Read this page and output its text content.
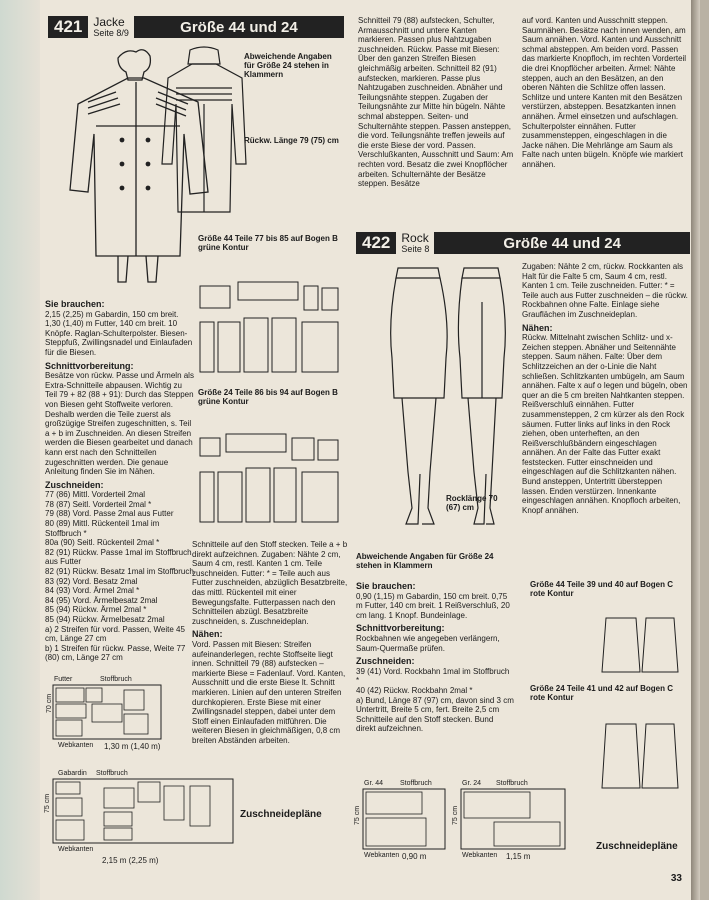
421 Jacke
Seite 8/9	Größe 44 und 24
Abweichende Angaben für Größe 24 stehen in Klammern
Rückw. Länge 79 (75) cm
Sie brauchen:

2,15 (2,25) m Gabardin, 150 cm breit. 1,30 (1,40) m Futter, 140 cm breit. 10 Knöpfe. Raglan-Schulterpolster. Biesen-Steppfuß, Zwillingsnadel und Einlaufaden für die Biesen.

Schnittvorbereitung:

Besätze von rückw. Passe und Ärmeln als Extra-Schnitteile abpausen. Wichtig zu Teil 79 + 82 (88 + 91): Durch das Steppen von Biesen geht Stoffweite verloren. Deshalb werden die Teile zuerst als großzügige Streifen zugeschnitten, s. Teil a + b im Zuschneiden. An diesen Streifen werden die Biesen gearbeitet und danach kann erst nach den Schnitteilen zugeschnitten werden. Die genaue Anleitung finden Sie im Nähen.

Zuschneiden:
77 (86) Mittl. Vorderteil 2mal
78 (87) Seitl. Vorderteil 2mal *
79 (88) Vord. Passe 2mal aus Futter
80 (89) Mittl. Rückenteil 1mal im Stoffbruch *
80a (90) Seitl. Rückenteil 2mal *
82 (91) Rückw. Passe 1mal im Stoffbruch aus Futter
82 (91) Rückw. Besatz 1mal im Stoffbruch
83 (92) Vord. Besatz 2mal
84 (93) Vord. Ärmel 2mal *
84 (95) Vord. Ärmelbesatz 2mal
85 (94) Rückw. Ärmel 2mal *
85 (94) Rückw. Ärmelbesatz 2mal
a) 2 Streifen für vord. Passen, Weite 45 cm, Länge 27 cm
b) 1 Streifen für rückw. Passe, Weite 77 (80) cm, Länge 27 cm
Größe 44 Teile 77 bis 85 auf Bogen B grüne Kontur
Größe 24 Teile 86 bis 94 auf Bogen B grüne Kontur
Futter	Stoffbruch
70 cm
Webkanten 1,30 m (1,40 m)
Gabardin Stoffbruch
75 cm
Webkanten
2,15 m (2,25 m)
Zuschneidepläne

Schnitteile auf den Stoff stecken. Teile a + b direkt aufzeichnen. Zugaben: Nähte 2 cm, Saum 4 cm, restl. Kanten 1 cm. Teile zuschneiden. Futter: * = Teile auch aus Futter zuschneiden, abzüglich Besatzbreite, das mittl. Rückenteil mit einer Bewegungsfalte. Futterpassen nach den Schnitteilen abzügl. Besatzbreite zuschneiden, s. Zuschneideplan.

Nähen:

Vord. Passen mit Biesen: Streifen aufeinanderlegen, rechte Stoffseite liegt innen. Schnitteil 79 (88) aufstecken – markierte Biese = Fadenlauf. Vord. Kanten, Ausschnitt und die erste Biese lt. Schnitt markieren. Linien auf den unteren Streifen durchkopieren. Erste Biese mit einer Zwillingsnadel steppen, dabei unter dem Stoff einen Einlaufaden mitführen. Die weiteren Biesen in gleichmäßigen, 0,8 cm breiten Abständen arbeiten.

Schnitteil 79 (88) aufstecken, Schulter, Armausschnitt und untere Kanten markieren. Passen plus Nahtzugaben zuschneiden. Rückw. Passe mit Biesen: Über den ganzen Streifen Biesen gleichmäßig arbeiten. Schnitteil 82 (91) aufstecken, markieren. Passe plus Nahtzugaben zuschneiden. Abnäher und Teilungsnähte steppen. Zugaben der Teilungsnähte zur Mitte hin bügeln. Nähte schmal absteppen. Seiten- und Schulternähte steppen. Passen ansteppen, die vord. Teilungsnähte treffen jeweils auf die erste Biese der vord. Passen. Verschlußkanten, Ausschnitt und Saum: Am rechten vord. Besatz die zwei Knopflöcher arbeiten. Schulternähte der Besätze steppen. Besätze

auf vord. Kanten und Ausschnitt steppen. Saumnähen. Besätze nach innen wenden, am Saum annähen. Vord. Kanten und Ausschnitt schmal absteppen. Am beiden vord. Passen das markierte Knopfloch, im rechten Vorderteil die drei Knopflöcher arbeiten. Ärmel: Nähte steppen, auch an den Besätzen, an den oberen Nähten die Schlitze offen lassen. Schlitze und untere Kanten mit den Besätzen verstürzen, absteppen. Besatzkanten innen annähen. Ärmel einsetzen und aufschlagen. Schulterpolster einnähen. Futter zusammensteppen, eingeschlagen in die Jacke nähen. Die Mehrlänge am Saum als Falte nach unten bügeln. Knöpfe wie markiert annähen.

422 Rock
Seite 8	Größe 44 und 24
Rocklänge 70 (67) cm
Abweichende Angaben für Größe 24 stehen in Klammern
Sie brauchen:

0,90 (1,15) m Gabardin, 150 cm breit. 0,75 m Futter, 140 cm breit. 1 Reißverschluß, 20 cm lang. 1 Knopf. Bundeinlage.

Schnittvorbereitung:

Rockbahnen wie angegeben verlängern, Saum-Quermaße prüfen.

Zuschneiden:
39 (41) Vord. Rockbahn 1mal im Stoffbruch *
40 (42) Rückw. Rockbahn 2mal *
a) Bund, Länge 87 (97) cm, davon sind 3 cm Untertritt, Breite 5 cm, fert. Breite 2,5 cm

Schnitteile auf den Stoff stecken. Bund direkt aufzeichnen.

Zugaben: Nähte 2 cm, rückw. Rockkanten als Halt für die Falte 5 cm, Saum 4 cm, restl. Kanten 1 cm. Teile zuschneiden. Futter: * = Teile auch aus Futter zuschneiden – die rückw. Rockbahnen ohne Falte. Einlage siehe Grauflächen im Zuschneideplan.

Nähen:

Rückw. Mittelnaht zwischen Schlitz- und x-Zeichen steppen. Abnäher und Seitennähte steppen. Saum nähen. Falte: Über dem Schlitzzeichen an der o-Linie die Naht schließen. Schlitzkanten umbügeln, am Saum annähen. Falte x auf o legen und bügeln, oben quer an die 5 cm breiten Nahtkanten steppen. Reißverschluß einnähen. Futter zusammensteppen, 2 cm kürzer als den Rock säumen. Futter links auf links in den Rock ziehen, oben unterheften, an den Reißverschlußbändern eingeschlagen annähen. An der Falte das Futter exakt feststecken. Futter einschneiden und eingeschlagen auf die Schlitzkanten nähen. Bund ansteppen, Untertritt übersteppen lassen. Enden verstürzen. Innenkante eingeschlagen annähen. Knopfloch arbeiten, Knopf annähen.

Größe 44 Teile 39 und 40 auf Bogen C rote Kontur
Größe 24 Teile 41 und 42 auf Bogen C rote Kontur
Gr. 44 Stoffbruch
75 cm
Webkanten 0,90 m
Gr. 24 Stoffbruch
75 cm
Webkanten 1,15 m
Zuschneidepläne
33
